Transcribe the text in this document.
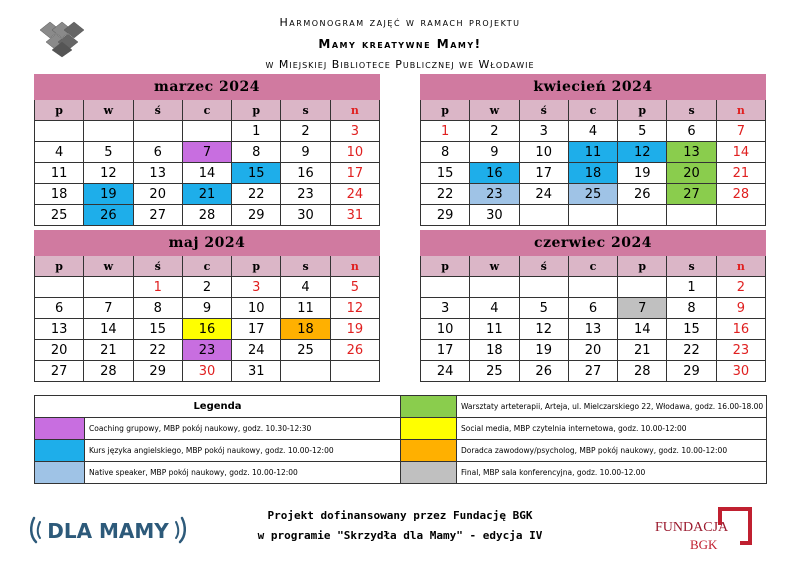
Harmonogram zajęć w ramach projektu
Mamy kreatywne Mamy!
w Miejskiej Bibliotece Publicznej we Włodawie
marzec 2024						
p	w	ś	c	p	s	n
				1	2	3
4	5	6	7	8	9	10
11	12	13	14	15	16	17
18	19	20	21	22	23	24
25	26	27	28	29	30	31
kwiecień 2024						
p	w	ś	c	p	s	n
1	2	3	4	5	6	7
8	9	10	11	12	13	14
15	16	17	18	19	20	21
22	23	24	25	26	27	28
29	30					
maj 2024						
p	w	ś	c	p	s	n
		1	2	3	4	5
6	7	8	9	10	11	12
13	14	15	16	17	18	19
20	21	22	23	24	25	26
27	28	29	30	31		
czerwiec 2024						
p	w	ś	c	p	s	n
					1	2
3	4	5	6	7	8	9
10	11	12	13	14	15	16
17	18	19	20	21	22	23
24	25	26	27	28	29	30
Legenda			Warsztaty arteterapii, Arteja, ul. Mielczarskiego 22, Włodawa, godz. 16.00-18.00
	Coaching grupowy, MBP pokój naukowy, godz. 10.30-12:30		Social media, MBP czytelnia internetowa, godz. 10.00-12:00
	Kurs języka angielskiego, MBP pokój naukowy, godz. 10.00-12:00		Doradca zawodowy/psycholog, MBP pokój naukowy, godz. 10.00-12:00
	Native speaker, MBP pokój naukowy, godz. 10.00-12:00		Final, MBP sala konferencyjna, godz. 10.00-12.00
DLA MAMY
Projekt dofinansowany przez Fundację BGK
w programie "Skrzydła dla Mamy" - edycja IV
FUNDACJA
BGK
